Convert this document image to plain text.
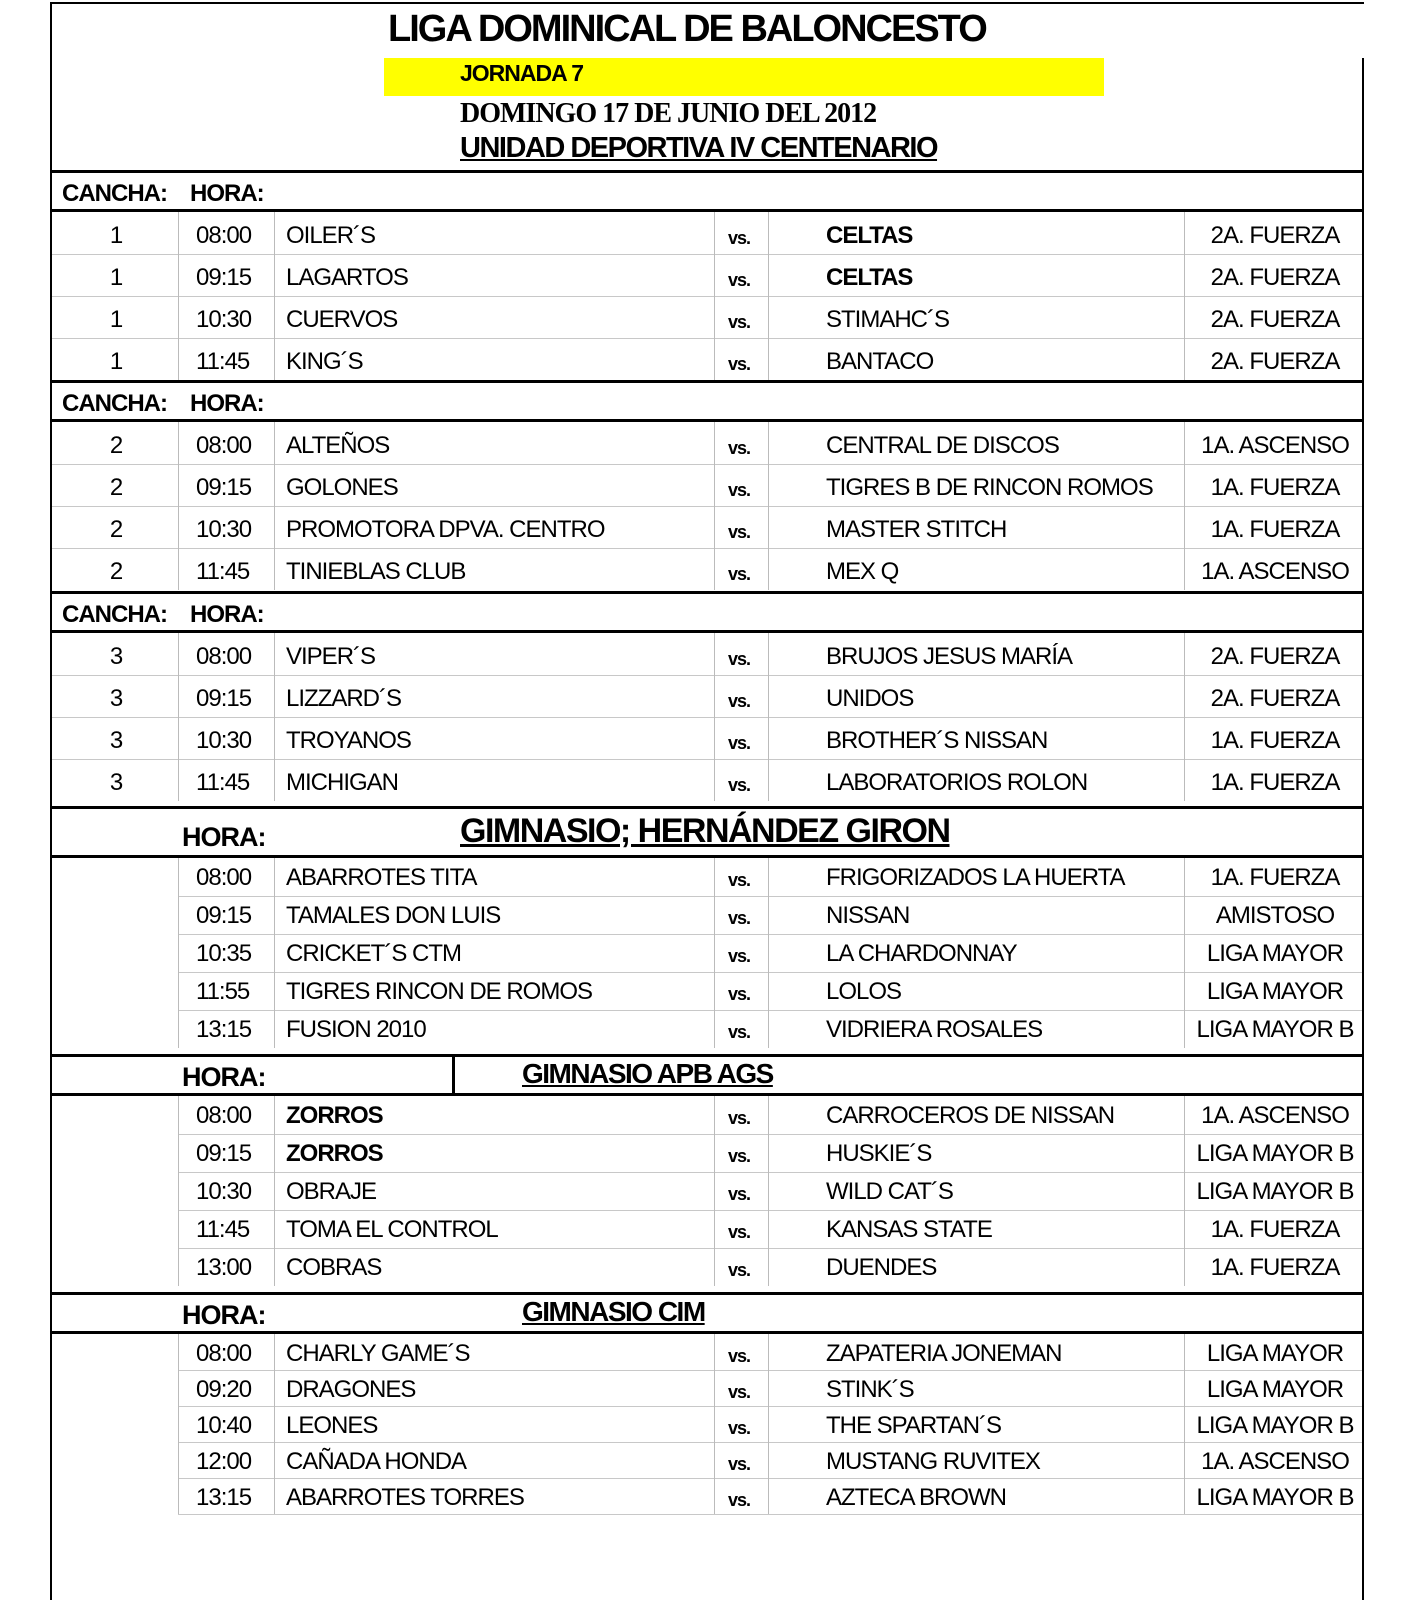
LIGA DOMINICAL DE BALONCESTO
JORNADA 7
DOMINGO 17 DE JUNIO DEL 2012
UNIDAD DEPORTIVA IV CENTENARIO
CANCHA: HORA:
1	08:00 OILER´S	vs.	CELTAS	2A. FUERZA
1	09:15 LAGARTOS	vs.	CELTAS	2A. FUERZA
1	10:30 CUERVOS	vs.	STIMAHC´S	2A. FUERZA
1	11:45 KING´S	vs.	BANTACO	2A. FUERZA
CANCHA: HORA:
2	08:00 ALTEÑOS	vs.	CENTRAL DE DISCOS	1A. ASCENSO
2	09:15 GOLONES	vs.	TIGRES B DE RINCON ROMOS	1A. FUERZA
2	10:30 PROMOTORA DPVA. CENTRO	vs.	MASTER STITCH	1A. FUERZA
2	11:45 TINIEBLAS CLUB	vs.	MEX Q	1A. ASCENSO
CANCHA: HORA:
3	08:00 VIPER´S	vs.	BRUJOS JESUS MARÍA	2A. FUERZA
3	09:15 LIZZARD´S	vs.	UNIDOS	2A. FUERZA
3	10:30 TROYANOS	vs.	BROTHER´S NISSAN	1A. FUERZA
3	11:45 MICHIGAN	vs.	LABORATORIOS ROLON	1A. FUERZA
HORA:	GIMNASIO; HERNÁNDEZ GIRON
08:00 ABARROTES TITA	vs.	FRIGORIZADOS LA HUERTA	1A. FUERZA
09:15 TAMALES DON LUIS	vs.	NISSAN	AMISTOSO
10:35 CRICKET´S CTM	vs.	LA CHARDONNAY	LIGA MAYOR
11:55 TIGRES RINCON DE ROMOS	vs.	LOLOS	LIGA MAYOR
13:15 FUSION 2010	vs.	VIDRIERA ROSALES	LIGA MAYOR B
HORA:	GIMNASIO APB AGS
08:00 ZORROS	vs.	CARROCEROS DE NISSAN	1A. ASCENSO
09:15 ZORROS	vs.	HUSKIE´S	LIGA MAYOR B
10:30 OBRAJE	vs.	WILD CAT´S	LIGA MAYOR B
11:45 TOMA EL CONTROL	vs.	KANSAS STATE	1A. FUERZA
13:00 COBRAS	vs.	DUENDES	1A. FUERZA
HORA:	GIMNASIO CIM
08:00 CHARLY GAME´S	vs.	ZAPATERIA JONEMAN	LIGA MAYOR
09:20 DRAGONES	vs.	STINK´S	LIGA MAYOR
10:40 LEONES	vs.	THE SPARTAN´S	LIGA MAYOR B
12:00 CAÑADA HONDA	vs.	MUSTANG RUVITEX	1A. ASCENSO
13:15 ABARROTES TORRES	vs.	AZTECA BROWN	LIGA MAYOR B
